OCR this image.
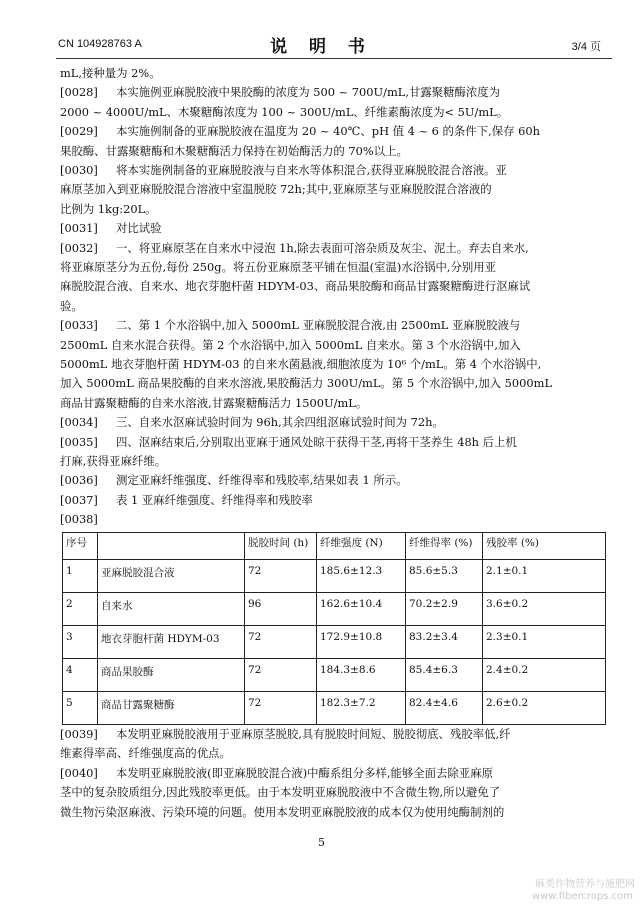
CN 104928763 A	说 明 书	3/4 页
mL,接种量为 2%。
[0028] 本实施例亚麻脱胶液中果胶酶的浓度为 500 ~ 700U/mL,甘露聚糖酶浓度为
2000 ~ 4000U/mL、木聚糖酶浓度为 100 ~ 300U/mL、纤维素酶浓度为< 5U/mL。
[0029] 本实施例制备的亚麻脱胶液在温度为 20 ~ 40℃、pH 值 4 ~ 6 的条件下,保存 60h
果胶酶、甘露聚糖酶和木聚糖酶活力保持在初始酶活力的 70%以上。
[0030] 将本实施例制备的亚麻脱胶液与自来水等体积混合,获得亚麻脱胶混合溶液。亚
麻原茎加入到亚麻脱胶混合溶液中室温脱胶 72h;其中,亚麻原茎与亚麻脱胶混合溶液的
比例为 1kg:20L。
[0031] 对比试验
[0032] 一、将亚麻原茎在自来水中浸泡 1h,除去表面可溶杂质及灰尘、泥土。弃去自来水,
将亚麻原茎分为五份,每份 250g。将五份亚麻原茎平铺在恒温(室温)水浴锅中,分别用亚
麻脱胶混合液、自来水、地衣芽胞杆菌 HDYM-03、商品果胶酶和商品甘露聚糖酶进行沤麻试
验。
[0033] 二、第 1 个水浴锅中,加入 5000mL 亚麻脱胶混合液,由 2500mL 亚麻脱胶液与
2500mL 自来水混合获得。第 2 个水浴锅中,加入 5000mL 自来水。第 3 个水浴锅中,加入
5000mL 地衣芽胞杆菌 HDYM-03 的自来水菌悬液,细胞浓度为 10⁶ 个/mL。第 4 个水浴锅中,
加入 5000mL 商品果胶酶的自来水溶液,果胶酶活力 300U/mL。第 5 个水浴锅中,加入 5000mL
商品甘露聚糖酶的自来水溶液,甘露聚糖酶活力 1500U/mL。
[0034] 三、自来水沤麻试验时间为 96h,其余四组沤麻试验时间为 72h。
[0035] 四、沤麻结束后,分别取出亚麻于通风处晾干获得干茎,再将干茎养生 48h 后上机
打麻,获得亚麻纤维。
[0036] 测定亚麻纤维强度、纤维得率和残胶率,结果如表 1 所示。
[0037] 表 1 亚麻纤维强度、纤维得率和残胶率
[0038]
序号		脱胶时间 (h)	纤维强度 (N)	纤维得率 (%)	残胶率 (%)
1	亚麻脱胶混合液	72	185.6±12.3	85.6±5.3	2.1±0.1
2	自来水	96	162.6±10.4	70.2±2.9	3.6±0.2
3	地衣芽胞杆菌 HDYM-03	72	172.9±10.8	83.2±3.4	2.3±0.1
4	商品果胶酶	72	184.3±8.6	85.4±6.3	2.4±0.2
5	商品甘露聚糖酶	72	182.3±7.2	82.4±4.6	2.6±0.2
[0039] 本发明亚麻脱胶液用于亚麻原茎脱胶,具有脱胶时间短、脱胶彻底、残胶率低,纤
维素得率高、纤维强度高的优点。
[0040] 本发明亚麻脱胶液(即亚麻脱胶混合液)中酶系组分多样,能够全面去除亚麻原
茎中的复杂胶质组分,因此残胶率更低。由于本发明亚麻脱胶液中不含微生物,所以避免了
微生物污染沤麻液、污染环境的问题。使用本发明亚麻脱胶液的成本仅为使用纯酶制剂的
5
麻类作物营养与施肥网
www.fibercrops.com
